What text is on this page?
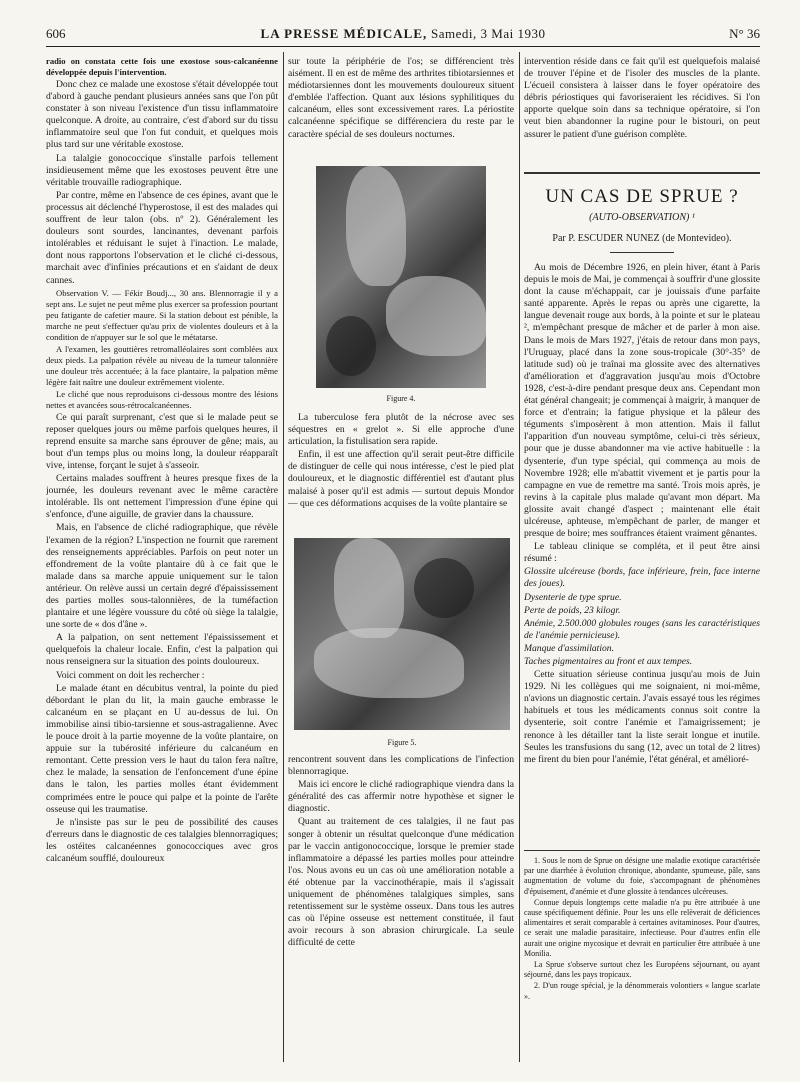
606	LA PRESSE MÉDICALE, Samedi, 3 Mai 1930	N° 36

radio on constata cette fois une exostose sous-calcanéenne développée depuis l'intervention.

Donc chez ce malade une exostose s'était développée tout d'abord à gauche pendant plusieurs années sans que l'on pût constater à son niveau l'existence d'un tissu inflammatoire quelconque. A droite, au contraire, c'est d'abord sur du tissu inflammatoire seul que l'on fut conduit, et quelques mois plus tard sur une véritable exostose.

La talalgie gonococcique s'installe parfois tellement insidieusement même que les exostoses peuvent être une véritable trouvaille radiographique.

Par contre, même en l'absence de ces épines, avant que le processus ait déclenché l'hyperostose, il est des malades qui souffrent de leur talon (obs. nº 2). Généralement les douleurs sont sourdes, lancinantes, devenant parfois intolérables et réduisant le sujet à l'inaction. Le malade, dont nous rapportons l'observation et le cliché ci-dessous, marchait avec d'infinies précautions et en s'aidant de deux cannes.

Observation V. — Fékir Boudj..., 30 ans. Blennorragie il y a sept ans. Le sujet ne peut même plus exercer sa profession pourtant peu fatigante de cafetier maure. Si la station debout est pénible, la marche ne peut s'effectuer qu'au prix de violentes douleurs et à la condition de n'appuyer sur le sol que le métatarse.

A l'examen, les gouttières retromalléolaires sont comblées aux deux pieds. La palpation révèle au niveau de la tumeur talonnière une douleur très accentuée; à la face plantaire, la palpation même légère fait naître une douleur extrêmement violente.

Le cliché que nous reproduisons ci-dessous montre des lésions nettes et avancées sous-rétrocalcanéennes.

Ce qui paraît surprenant, c'est que si le malade peut se reposer quelques jours ou même parfois quelques heures, il reprend ensuite sa marche sans éprouver de gêne; mais, au bout d'un temps plus ou moins long, la douleur réapparaît vive, intense, forçant le sujet à s'asseoir.

Certains malades souffrent à heures presque fixes de la journée, les douleurs revenant avec le même caractère intolérable. Ils ont nettement l'impression d'une épine qui s'enfonce, d'une aiguille, de gravier dans la chaussure.

Mais, en l'absence de cliché radiographique, que révèle l'examen de la région? L'inspection ne fournit que rarement des renseignements appréciables. Parfois on peut noter un effondrement de la voûte plantaire dû à ce fait que le malade dans sa marche appuie uniquement sur le talon antérieur. On relève aussi un certain degré d'épaississement des parties molles sous-talonnières, de la tuméfaction plantaire et une légère voussure du côté où siège la talalgie, une sorte de « dos d'âne ».

A la palpation, on sent nettement l'épaississement et quelquefois la chaleur locale. Enfin, c'est la palpation qui nous renseignera sur la situation des points douloureux.

Voici comment on doit les rechercher :

Le malade étant en décubitus ventral, la pointe du pied débordant le plan du lit, la main gauche embrasse le calcanéum en se plaçant en U au-dessus de lui. On immobilise ainsi tibio-tarsienne et sous-astragalienne. Avec le pouce droit à la partie moyenne de la voûte plantaire, on appuie sur la tubérosité inférieure du calcanéum en remontant. Cette pression vers le haut du talon fera naître, chez le malade, la sensation de l'enfoncement d'une épine dans le talon, les parties molles étant évidemment comprimées entre le pouce qui palpe et la pointe de l'arête osseuse qui les traumatise.

Je n'insiste pas sur le peu de possibilité des causes d'erreurs dans le diagnostic de ces talalgies blennorragiques; les ostéites calcanéennes gonococciques avec gros calcanéum soufflé, douloureux

sur toute la périphérie de l'os; se différencient très aisément. Il en est de même des arthrites tibiotarsiennes et médiotarsiennes dont les mouvements douloureux situent d'emblée l'affection. Quant aux lésions syphilitiques du calcanéum, elles sont excessivement rares. La périostite calcanéenne spécifique se différenciera du reste par le caractère spécial de ses douleurs nocturnes.

Figure 4.

La tuberculose fera plutôt de la nécrose avec ses séquestres en « grelot ». Si elle approche d'une articulation, la fistulisation sera rapide.

Enfin, il est une affection qu'il serait peut-être difficile de distinguer de celle qui nous intéresse, c'est le pied plat douloureux, et le diagnostic différentiel est d'autant plus malaisé à poser qu'il est admis — surtout depuis Mondor — que ces déformations acquises de la voûte plantaire se

Figure 5.

rencontrent souvent dans les complications de l'infection blennorragique.

Mais ici encore le cliché radiographique viendra dans la généralité des cas affermir notre hypothèse et signer le diagnostic.

Quant au traitement de ces talalgies, il ne faut pas songer à obtenir un résultat quelconque d'une médication par le vaccin antigonococcique, lorsque le premier stade inflammatoire a dépassé les parties molles pour atteindre l'os. Nous avons eu un cas où une amélioration notable a été obtenue par la vaccinothérapie, mais il s'agissait uniquement de phénomènes talalgiques simples, sans retentissement sur le système osseux. Dans tous les autres cas où l'épine osseuse est nettement constituée, il faut avoir recours à son abrasion chirurgicale. La seule difficulté de cette

intervention réside dans ce fait qu'il est quelquefois malaisé de trouver l'épine et de l'isoler des muscles de la plante. L'écueil consistera à laisser dans le foyer opératoire des débris périostiques qui favoriseraient les récidives. Si l'on apporte quelque soin dans sa technique opératoire, si l'on veut bien abandonner la rugine pour le bistouri, on peut assurer le patient d'une guérison complète.

UN CAS DE SPRUE ?
(AUTO-OBSERVATION) ¹
Par P. ESCUDER NUNEZ (de Montevideo).

Au mois de Décembre 1926, en plein hiver, étant à Paris depuis le mois de Mai, je commençai à souffrir d'une glossite dont la cause m'échappait, car je jouissais d'une parfaite santé apparente. Après le repas ou après une cigarette, la langue devenait rouge aux bords, à la pointe et sur le plateau ², m'empêchant presque de mâcher et de parler à mon aise. Dans le mois de Mars 1927, j'étais de retour dans mon pays, l'Uruguay, placé dans la zone sous-tropicale (30°-35° de latitude sud) où je traînai ma glossite avec des alternatives d'amélioration et d'aggravation jusqu'au mois d'Octobre 1928, c'est-à-dire pendant presque deux ans. Cependant mon état général changeait; je commençai à maigrir, à manquer de force et d'entrain; la fatigue physique et la pâleur des téguments s'imposèrent à mon attention. Mais il fallut l'apparition d'un nouveau symptôme, celui-ci très sérieux, pour que je dusse abandonner ma vie active habituelle : la dysenterie, d'un type spécial, qui commença au mois de Novembre 1928; elle m'abattit vivement et je partis pour la campagne en vue de remettre ma santé. Trois mois après, je revins à la capitale plus malade qu'avant mon départ. Ma glossite avait changé d'aspect ; maintenant elle était ulcéreuse, aphteuse, m'empêchant de parler, de manger et presque de boire; mes souffrances étaient vraiment gênantes.

Le tableau clinique se compléta, et il peut être ainsi résumé :

Glossite ulcéreuse (bords, face inférieure, frein, face interne des joues).

Dysenterie de type sprue.

Perte de poids, 23 kilogr.

Anémie, 2.500.000 globules rouges (sans les caractéristiques de l'anémie pernicieuse).

Manque d'assimilation.

Taches pigmentaires au front et aux tempes.

Cette situation sérieuse continua jusqu'au mois de Juin 1929. Ni les collègues qui me soignaient, ni moi-même, n'avions un diagnostic certain. J'avais essayé tous les régimes habituels et tous les médicaments connus soit contre la dysenterie, soit contre l'anémie et l'amaigrissement; je renonce à les détailler tant la liste serait longue et inutile. Seules les transfusions du sang (12, avec un total de 2 litres) me firent du bien pour l'anémie, l'état général, et amélioré-

1. Sous le nom de Sprue on désigne une maladie exotique caractérisée par une diarrhée à évolution chronique, abondante, spumeuse, pâle, sans augmentation de volume du foie, s'accompagnant de phénomènes d'épuisement, d'anémie et d'une glossite à tendances ulcéreuses.

Connue depuis longtemps cette maladie n'a pu être attribuée à une cause spécifiquement définie. Pour les uns elle relèverait de déficiences alimentaires et serait comparable à certaines avitaminoses. Pour d'autres, ce serait une maladie parasitaire, infectieuse. Pour d'autres enfin elle aurait une origine mycosique et devrait en particulier être attribuée à une Monilia.

La Sprue s'observe surtout chez les Européens séjournant, ou ayant séjourné, dans les pays tropicaux.

2. D'un rouge spécial, je la dénommerais volontiers « langue scarlate ».
